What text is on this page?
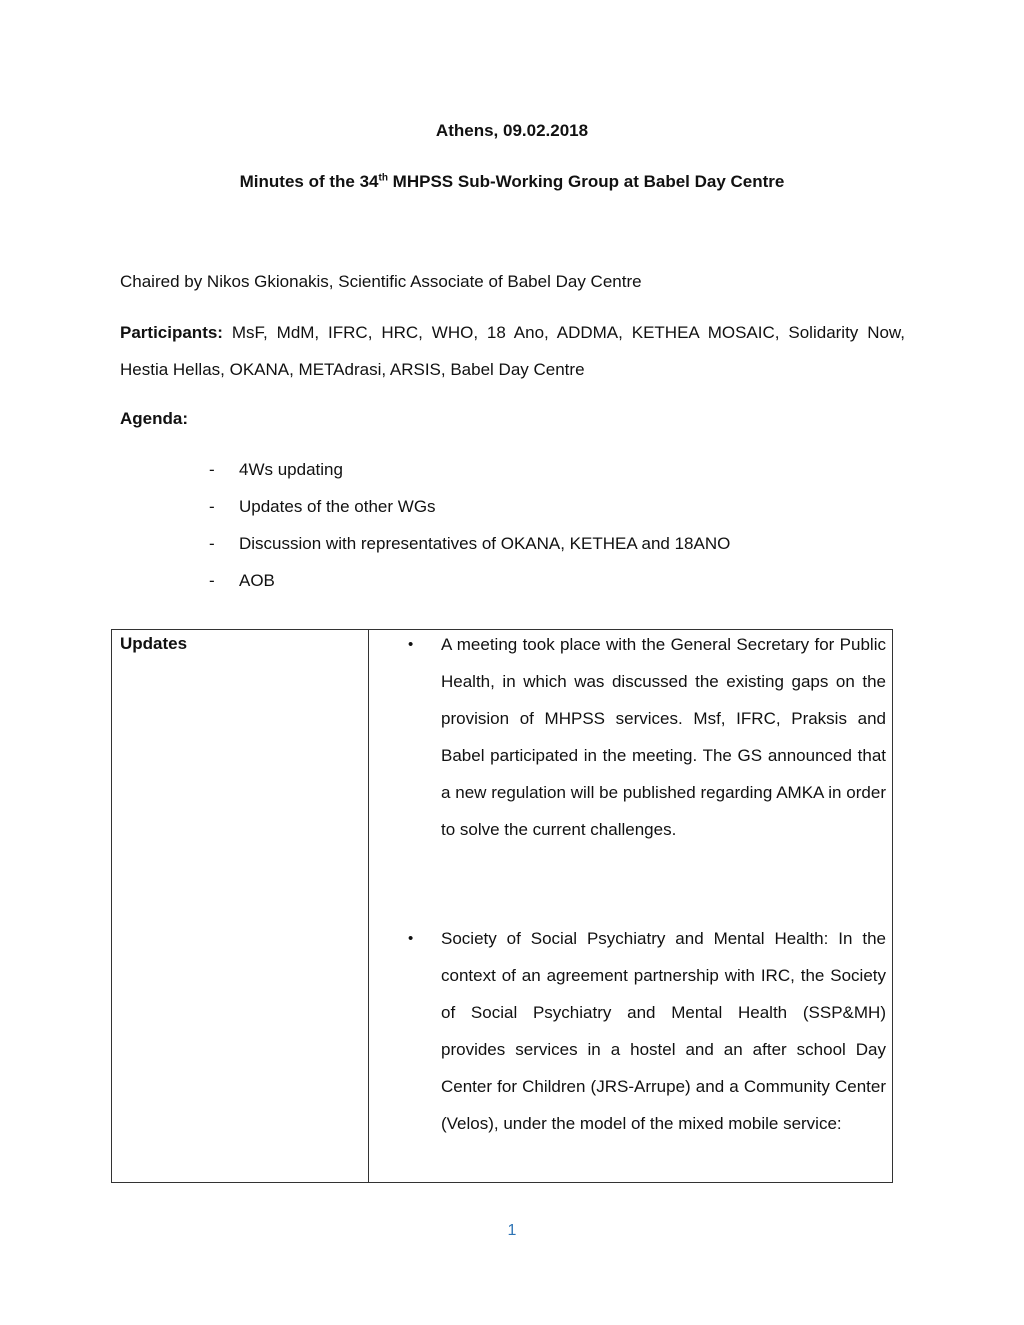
Athens, 09.02.2018
Minutes of the 34th MHPSS Sub-Working Group at Babel Day Centre
Chaired by Nikos Gkionakis, Scientific Associate of Babel Day Centre
Participants: MsF, MdM, IFRC, HRC, WHO, 18 Ano, ADDMA, KETHEA MOSAIC, Solidarity Now, Hestia Hellas, OKANA, METAdrasi, ARSIS, Babel Day Centre
Agenda:
- 4Ws updating
- Updates of the other WGs
- Discussion with representatives of OKANA, KETHEA and 18ANO
- AOB
Updates	• A meeting took place with the General Secretary for Public Health, in which was discussed the existing gaps on the provision of MHPSS services. Msf, IFRC, Praksis and Babel participated in the meeting. The GS announced that a new regulation will be published regarding AMKA in order to solve the current challenges.
• Society of Social Psychiatry and Mental Health: In the context of an agreement partnership with IRC, the Society of Social Psychiatry and Mental Health (SSP&MH) provides services in a hostel and an after school Day Center for Children (JRS-Arrupe) and a Community Center (Velos), under the model of the mixed mobile service:
1
